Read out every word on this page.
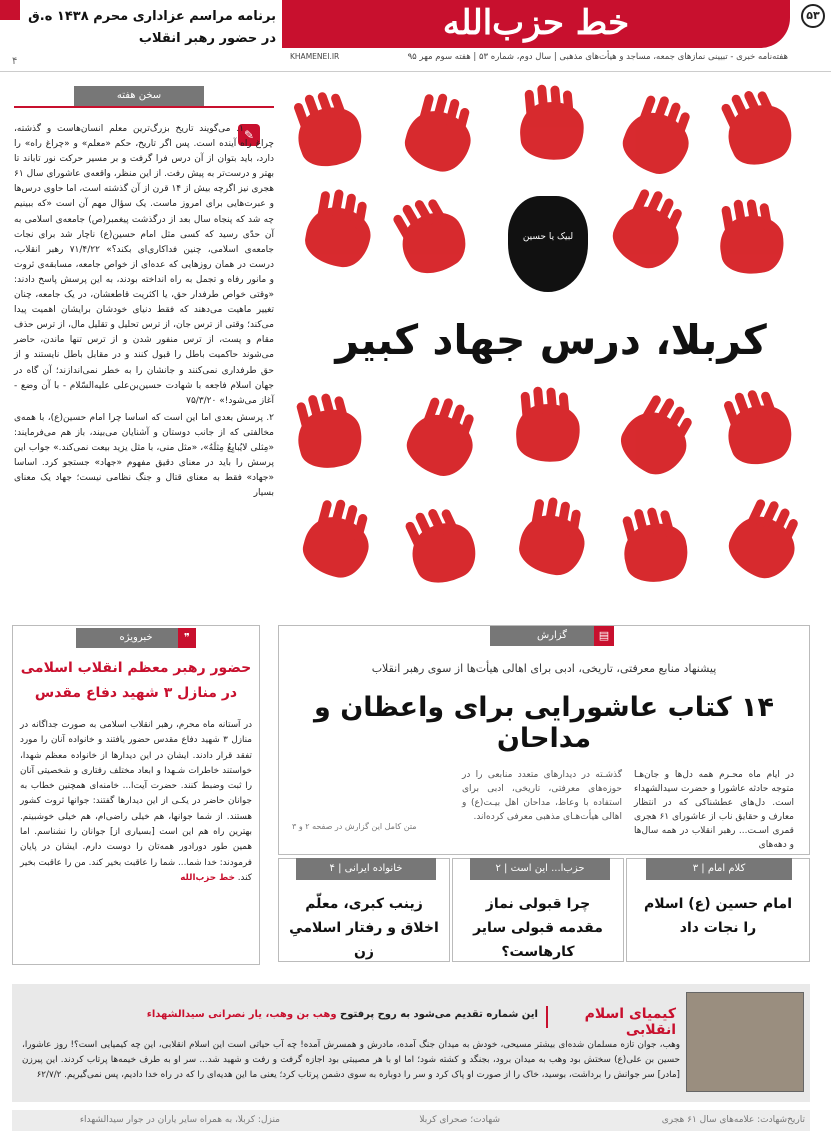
۵۳
خط حزب‌الله
برنامه مراسم عزاداری محرم ۱۴۳۸ ه.ق در حضور رهبر انقلاب
۴	KHAMENEI.IR	هفته‌نامه خبری - تبیینی نمازهای جمعه، مساجد و هیأت‌های مذهبی | سال دوم، شماره ۵۳ | هفته سوم مهر ۹۵
سخن هفته
✎

۱. می‌گویند تاریخ بزرگ‌ترین معلم انسان‌هاست و گذشته، چراغ راه آینده است. پس اگر تاریخ، حکم «معلم» و «چراغ راه» را دارد، باید بتوان از آن درس فرا گرفت و بر مسیر حرکت نور تاباند تا بهتر و درست‌تر به پیش رفت. از این منظر، واقعه‌ی عاشورای سال ۶۱ هجری نیز اگرچه بیش از ۱۴ قرن از آن گذشته است، اما حاوی درس‌ها و عبرت‌هایی برای امروز ماست. یک سؤال مهم آن است «که ببینیم چه شد که پنجاه سال بعد از درگذشت پیغمبر(ص) جامعه‌ی اسلامی به آن حدّی رسید که کسی مثل امام حسین(ع) ناچار شد برای نجات جامعه‌ی اسلامی، چنین فداکاری‌ای بکند؟» ۷۱/۴/۲۲ رهبر انقلاب، درست در همان روزهایی که عده‌ای از خواص جامعه، مسابقه‌ی ثروت و مانور رفاه و تجمل به راه انداخته بودند، به این پرسش پاسخ دادند: «وقتی خواص طرفدار حق، یا اکثریت قاطعشان، در یک جامعه، چنان تغییر ماهیت می‌دهند که فقط دنیای خودشان برایشان اهمیت پیدا می‌کند؛ وقتی از ترس جان، از ترس تحلیل و تقلیل مال، از ترس حذف مقام و پست، از ترس منفور شدن و از ترس تنها ماندن، حاضر می‌شوند حاکمیت باطل را قبول کنند و در مقابل باطل نایستند و از حق طرفداری نمی‌کنند و جانشان را به خطر نمی‌اندازند؛ آن گاه در جهان اسلام فاجعه با شهادت حسین‌بن‌علی علیه‌السّلام - با آن وضع - آغاز می‌شود!» ۷۵/۳/۲۰

۲. پرسش بعدی اما این است که اساسا چرا امام حسین(ع)، با همه‌ی مخالفتی که از جانب دوستان و آشنایان می‌بیند، باز هم می‌فرمایند: «مِثلی لایُبایِعُ مِثلَهُ»، «مثل منی، با مثل یزید بیعت نمی‌کند.» جواب این پرسش را باید در معنای دقیق مفهوم «جهاد» جستجو کرد. اساسا «جهاد» فقط به معنای قتال و جنگ نظامی نیست؛ جهاد یک معنای بسیار

لبیک یا حسین
کربلا، درس جهاد کبیر
خبرویژه	❞
حضور رهبر معظم انقلاب اسلامی در منازل ۳ شهید دفاع مقدس
در آستانه ماه محرم، رهبر انقلاب اسلامی به صورت جداگانه در منازل ۳ شهید دفاع مقدس حضور یافتند و خانواده آنان را مورد تفقد قرار دادند. ایشان در این دیدارها از خانواده معظم شهدا، خواستند خاطرات شـهدا و ابعاد مختلف رفتاری و شخصیتی آنان را ثبت وضبط کنند. حضرت آیت‌ا... خامنه‌ای همچنین خطاب به جوانان حاضر در یکـی از این دیدارها گفتند: جوانها ثروت کشور هستند. از شما جوانها، هم خیلی راضی‌ام، هم خیلی خوشبینم. بهترین راه هم این است [بسیاری از] جوانان را نشناسم. اما همین طور دورادور همه‌تان را دوست دارم. ایشان در پایان فرمودند: خدا شما... شما را عاقبت بخیر کند. من را عاقبت بخیر کند. خط حزب‌الله
گزارش	▤
پیشنهاد منابع معرفتی، تاریخی، ادبی برای اهالی هیأت‌ها از سوی رهبر انقلاب
۱۴ کتاب عاشورایی برای واعظان و مداحان
در ایام ماه محـرم همه دل‌ها و جان‌هـا متوجه حادثه عاشورا و حضرت سیدالشهداء است. دل‌های عطشناکی که در انتظار معارف و حقایق ناب از عاشورای ۶۱ هجری قمری اسـت... رهبر انقلاب در همه سال‌ها و دهه‌های
گذشـته در دیدارهای متعدد منابعی را در حوزه‌های معرفتی، تاریخی، ادبی برای استفاده با وعاظ، مداحان اهل بیـت(ع) و اهالی هیأت‌هـای مذهبی معرفی کرده‌اند.
متن کامل این گزارش در صفحه ۲ و ۳
کلام امام | ۳
امام حسین (ع) اسلام را نجات داد
حزب‌ا... این است | ۲
چرا قبولی نماز مقدمه قبولی سایر کارهاست؟
خانواده ایرانی | ۴
زینب کبری، معلّم اخلاق و رفتار اسلامیِ زن
کیمیای اسلام انقلابی
این شماره تقدیم می‌شود به روح پرفتوح وهب بن وهب، یار نصرانی سیدالشهداء
وهب، جوان تازه مسلمان شده‌ای بیشتر مسیحی، خودش به میدان جنگ آمده، مادرش و همسرش آمده! چه آب حیاتی است این اسلام انقلابی، این چه کیمیایی است؟! روز عاشورا، حسین بن علی(ع) سختش بود وهب به میدان برود، بجنگد و کشته شود؛ اما او با هر مصیبتی بود اجازه گرفت و رفت و شهید شد... سر او به طرف خیمه‌ها پرتاب کردند. این پیرزن [مادر] سر جوانش را برداشت، بوسید، خاک را از صورت او پاک کرد و سر را دوباره به سوی دشمن پرتاب کرد؛ یعنی ما این هدیه‌ای را که در راه خدا دادیم، پس نمی‌گیریم. ۶۲/۷/۲
تاریخ‌شهادت: علامه‌های سال ۶۱ هجری
شهادت؛ صحرای کربلا
منزل: کربلا، به همراه سایر یاران در جوار سیدالشهداء
